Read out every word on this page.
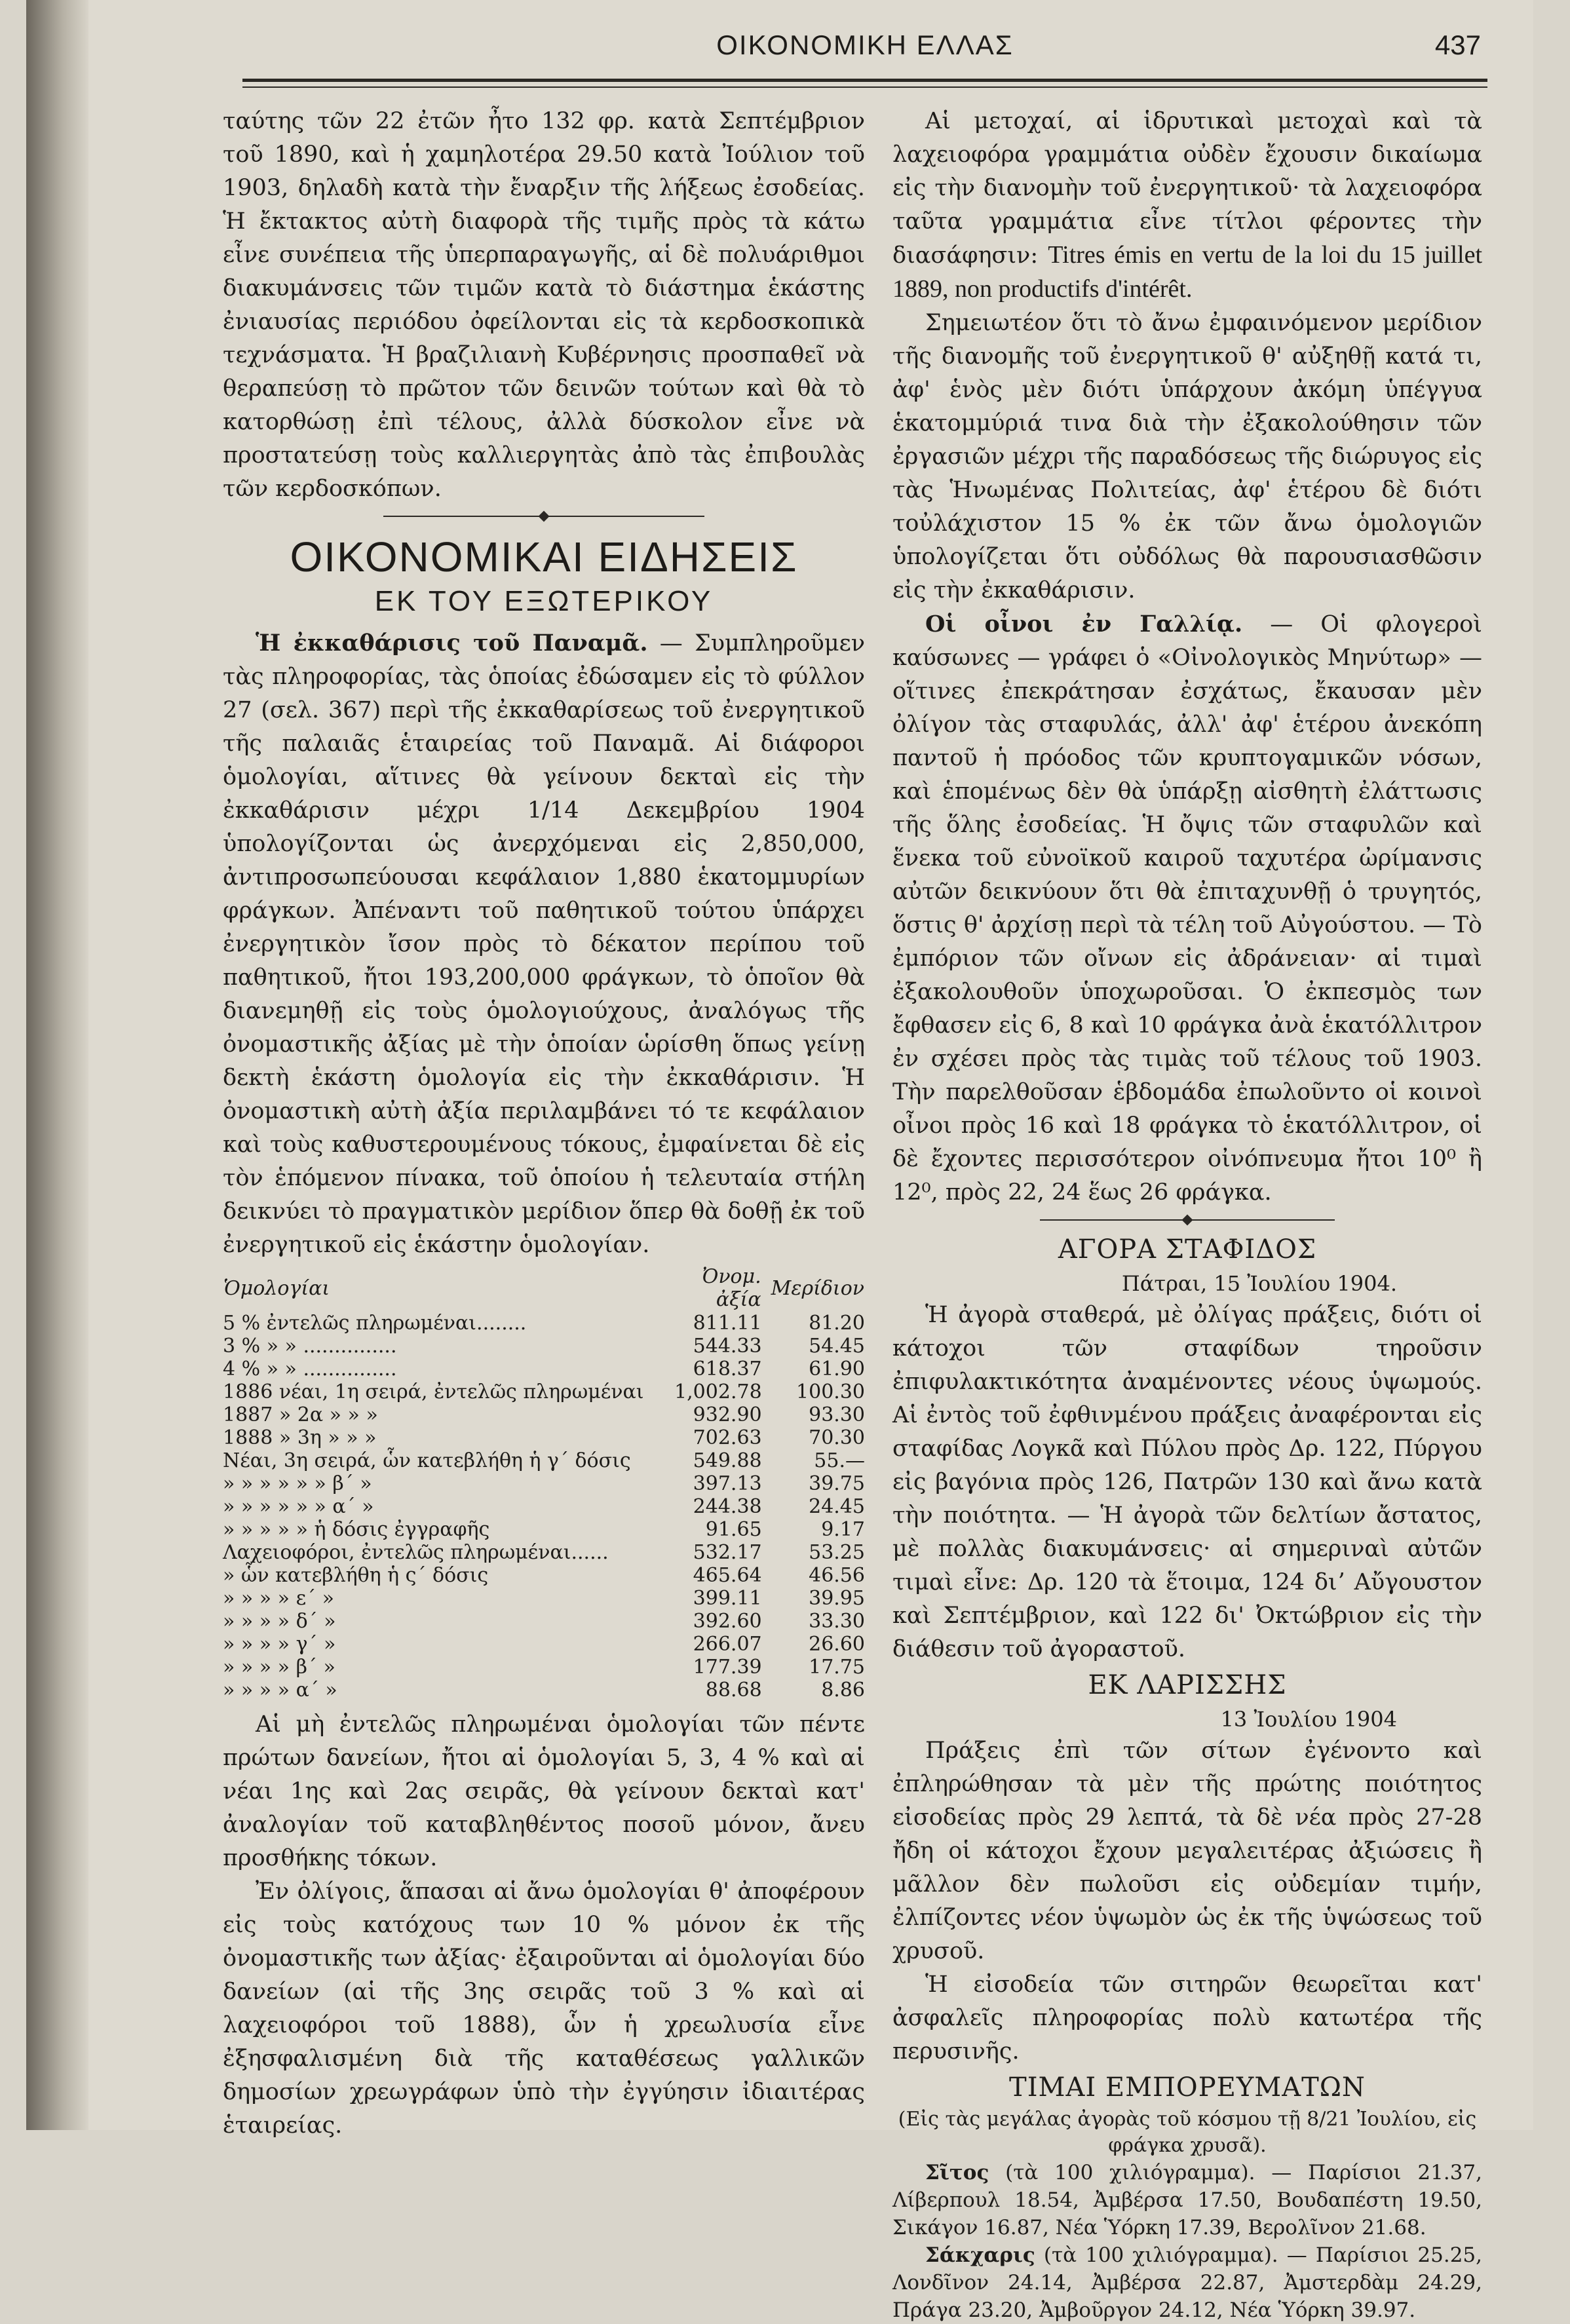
ΟΙΚΟΝΟΜΙΚΗ ΕΛΛΑΣ	437

ταύτης τῶν 22 ἐτῶν ἦτο 132 φρ. κατὰ Σεπτέμβριον τοῦ 1890, καὶ ἡ χαμηλοτέρα 29.50 κατὰ Ἰούλιον τοῦ 1903, δηλαδὴ κατὰ τὴν ἔναρξιν τῆς λήξεως ἐσοδείας. Ἡ ἔκτακτος αὐτὴ διαφορὰ τῆς τιμῆς πρὸς τὰ κάτω εἶνε συνέπεια τῆς ὑπερπαραγωγῆς, αἱ δὲ πολυάριθμοι διακυμάνσεις τῶν τιμῶν κατὰ τὸ διάστημα ἑκάστης ἐνιαυσίας περιόδου ὀφείλονται εἰς τὰ κερδοσκοπικὰ τεχνάσματα. Ἡ βραζιλιανὴ Κυβέρνησις προσπαθεῖ νὰ θεραπεύσῃ τὸ πρῶτον τῶν δεινῶν τούτων καὶ θὰ τὸ κατορθώσῃ ἐπὶ τέλους, ἀλλὰ δύσκολον εἶνε νὰ προστατεύσῃ τοὺς καλλιεργητὰς ἀπὸ τὰς ἐπιβουλὰς τῶν κερδοσκόπων.

ΟΙΚΟΝΟΜΙΚΑΙ ΕΙΔΗΣΕΙΣ
ΕΚ ΤΟΥ ΕΞΩΤΕΡΙΚΟΥ

Ἡ ἐκκαθάρισις τοῦ Παναμᾶ. — Συμπληροῦμεν τὰς πληροφορίας, τὰς ὁποίας ἐδώσαμεν εἰς τὸ φύλλον 27 (σελ. 367) περὶ τῆς ἐκκαθαρίσεως τοῦ ἐνεργητικοῦ τῆς παλαιᾶς ἑταιρείας τοῦ Παναμᾶ. Αἱ διάφοροι ὁμολογίαι, αἵτινες θὰ γείνουν δεκταὶ εἰς τὴν ἐκκαθάρισιν μέχρι 1/14 Δεκεμβρίου 1904 ὑπολογίζονται ὡς ἀνερχόμεναι εἰς 2,850,000, ἀντιπροσωπεύουσαι κεφάλαιον 1,880 ἑκατομμυρίων φράγκων. Ἀπέναντι τοῦ παθητικοῦ τούτου ὑπάρχει ἐνεργητικὸν ἴσον πρὸς τὸ δέκατον περίπου τοῦ παθητικοῦ, ἤτοι 193,200,000 φράγκων, τὸ ὁποῖον θὰ διανεμηθῇ εἰς τοὺς ὁμολογιούχους, ἀναλόγως τῆς ὀνομαστικῆς ἀξίας μὲ τὴν ὁποίαν ὡρίσθη ὅπως γείνῃ δεκτὴ ἑκάστη ὁμολογία εἰς τὴν ἐκκαθάρισιν. Ἡ ὀνομαστικὴ αὐτὴ ἀξία περιλαμβάνει τό τε κεφάλαιον καὶ τοὺς καθυστερουμένους τόκους, ἐμφαίνεται δὲ εἰς τὸν ἑπόμενον πίνακα, τοῦ ὁποίου ἡ τελευταία στήλη δεικνύει τὸ πραγματικὸν μερίδιον ὅπερ θὰ δοθῇ ἐκ τοῦ ἐνεργητικοῦ εἰς ἑκάστην ὁμολογίαν.

Ὁμολογίαι	Ὀνομ. ἀξία	Μερίδιον
5 % ἐντελῶς πληρωμέναι........	811.11	81.20
3 % » » ...............	544.33	54.45
4 % » » ...............	618.37	61.90
1886 νέαι, 1η σειρά, ἐντελῶς πληρωμέναι	1,002.78	100.30
1887 » 2α » » »	932.90	93.30
1888 » 3η » » »	702.63	70.30
Νέαι, 3η σειρά, ὧν κατεβλήθη ἡ γ΄ δόσις	549.88	55.—
» » » » » » β΄ »	397.13	39.75
» » » » » » α΄ »	244.38	24.45
» » » » » ἡ δόσις ἐγγραφῆς	91.65	9.17
Λαχειοφόροι, ἐντελῶς πληρωμέναι......	532.17	53.25
» ὧν κατεβλήθη ἡ ς΄ δόσις	465.64	46.56
» » » » ε΄ »	399.11	39.95
» » » » δ΄ »	392.60	33.30
» » » » γ΄ »	266.07	26.60
» » » » β΄ »	177.39	17.75
» » » » α΄ »	88.68	8.86

Αἱ μὴ ἐντελῶς πληρωμέναι ὁμολογίαι τῶν πέντε πρώτων δανείων, ἤτοι αἱ ὁμολογίαι 5, 3, 4 % καὶ αἱ νέαι 1ης καὶ 2ας σειρᾶς, θὰ γείνουν δεκταὶ κατ' ἀναλογίαν τοῦ καταβληθέντος ποσοῦ μόνον, ἄνευ προσθήκης τόκων.

Ἐν ὀλίγοις, ἅπασαι αἱ ἄνω ὁμολογίαι θ' ἀποφέρουν εἰς τοὺς κατόχους των 10 % μόνον ἐκ τῆς ὀνομαστικῆς των ἀξίας· ἐξαιροῦνται αἱ ὁμολογίαι δύο δανείων (αἱ τῆς 3ης σειρᾶς τοῦ 3 % καὶ αἱ λαχειοφόροι τοῦ 1888), ὧν ἡ χρεωλυσία εἶνε ἐξησφαλισμένη διὰ τῆς καταθέσεως γαλλικῶν δημοσίων χρεωγράφων ὑπὸ τὴν ἐγγύησιν ἰδιαιτέρας ἑταιρείας.

Αἱ μετοχαί, αἱ ἱδρυτικαὶ μετοχαὶ καὶ τὰ λαχειοφόρα γραμμάτια οὐδὲν ἔχουσιν δικαίωμα εἰς τὴν διανομὴν τοῦ ἐνεργητικοῦ· τὰ λαχειοφόρα ταῦτα γραμμάτια εἶνε τίτλοι φέροντες τὴν διασάφησιν: Titres émis en vertu de la loi du 15 juillet 1889, non productifs d'intérêt.

Σημειωτέον ὅτι τὸ ἄνω ἐμφαινόμενον μερίδιον τῆς διανομῆς τοῦ ἐνεργητικοῦ θ' αὐξηθῇ κατά τι, ἀφ' ἑνὸς μὲν διότι ὑπάρχουν ἀκόμη ὑπέγγυα ἑκατομμύριά τινα διὰ τὴν ἐξακολούθησιν τῶν ἐργασιῶν μέχρι τῆς παραδόσεως τῆς διώρυγος εἰς τὰς Ἡνωμένας Πολιτείας, ἀφ' ἑτέρου δὲ διότι τοὐλάχιστον 15 % ἐκ τῶν ἄνω ὁμολογιῶν ὑπολογίζεται ὅτι οὐδόλως θὰ παρουσιασθῶσιν εἰς τὴν ἐκκαθάρισιν.

Οἱ οἶνοι ἐν Γαλλίᾳ. — Οἱ φλογεροὶ καύσωνες — γράφει ὁ «Οἰνολογικὸς Μηνύτωρ» — οἵτινες ἐπεκράτησαν ἐσχάτως, ἔκαυσαν μὲν ὀλίγον τὰς σταφυλάς, ἀλλ' ἀφ' ἑτέρου ἀνεκόπη παντοῦ ἡ πρόοδος τῶν κρυπτογαμικῶν νόσων, καὶ ἑπομένως δὲν θὰ ὑπάρξῃ αἰσθητὴ ἐλάττωσις τῆς ὅλης ἐσοδείας. Ἡ ὄψις τῶν σταφυλῶν καὶ ἕνεκα τοῦ εὐνοϊκοῦ καιροῦ ταχυτέρα ὠρίμανσις αὐτῶν δεικνύουν ὅτι θὰ ἐπιταχυνθῇ ὁ τρυγητός, ὅστις θ' ἀρχίσῃ περὶ τὰ τέλη τοῦ Αὐγούστου. — Τὸ ἐμπόριον τῶν οἴνων εἰς ἀδράνειαν· αἱ τιμαὶ ἐξακολουθοῦν ὑποχωροῦσαι. Ὁ ἐκπεσμὸς των ἔφθασεν εἰς 6, 8 καὶ 10 φράγκα ἀνὰ ἑκατόλλιτρον ἐν σχέσει πρὸς τὰς τιμὰς τοῦ τέλους τοῦ 1903. Τὴν παρελθοῦσαν ἑβδομάδα ἐπωλοῦντο οἱ κοινοὶ οἶνοι πρὸς 16 καὶ 18 φράγκα τὸ ἑκατόλλιτρον, οἱ δὲ ἔχοντες περισσότερον οἰνόπνευμα ἤτοι 10⁰ ἢ 12⁰, πρὸς 22, 24 ἕως 26 φράγκα.

ΑΓΟΡΑ ΣΤΑΦΙΔΟΣ
Πάτραι, 15 Ἰουλίου 1904.

Ἡ ἀγορὰ σταθερά, μὲ ὀλίγας πράξεις, διότι οἱ κάτοχοι τῶν σταφίδων τηροῦσιν ἐπιφυλακτικότητα ἀναμένοντες νέους ὑψωμούς. Αἱ ἐντὸς τοῦ ἐφθινμένου πράξεις ἀναφέρονται εἰς σταφίδας Λογκᾶ καὶ Πύλου πρὸς Δρ. 122, Πύργου εἰς βαγόνια πρὸς 126, Πατρῶν 130 καὶ ἄνω κατὰ τὴν ποιότητα. — Ἡ ἀγορὰ τῶν δελτίων ἄστατος, μὲ πολλὰς διακυμάνσεις· αἱ σημεριναὶ αὐτῶν τιμαὶ εἶνε: Δρ. 120 τὰ ἕτοιμα, 124 διʼ Αὔγουστον καὶ Σεπτέμβριον, καὶ 122 δι' Ὀκτώβριον εἰς τὴν διάθεσιν τοῦ ἀγοραστοῦ.

ΕΚ ΛΑΡΙΣΣΗΣ
13 Ἰουλίου 1904

Πράξεις ἐπὶ τῶν σίτων ἐγένοντο καὶ ἐπληρώθησαν τὰ μὲν τῆς πρώτης ποιότητος εἰσοδείας πρὸς 29 λεπτά, τὰ δὲ νέα πρὸς 27-28 ἤδη οἱ κάτοχοι ἔχουν μεγαλειτέρας ἀξιώσεις ἢ μᾶλλον δὲν πωλοῦσι εἰς οὐδεμίαν τιμήν, ἐλπίζοντες νέον ὑψωμὸν ὡς ἐκ τῆς ὑψώσεως τοῦ χρυσοῦ.

Ἡ εἰσοδεία τῶν σιτηρῶν θεωρεῖται κατ' ἀσφαλεῖς πληροφορίας πολὺ κατωτέρα τῆς περυσινῆς.

ΤΙΜΑΙ ΕΜΠΟΡΕΥΜΑΤΩΝ
(Εἰς τὰς μεγάλας ἀγορὰς τοῦ κόσμου τῇ 8/21 Ἰουλίου, εἰς φράγκα χρυσᾶ).

Σῖτος (τὰ 100 χιλιόγραμμα). — Παρίσιοι 21.37, Λίβερπουλ 18.54, Ἀμβέρσα 17.50, Βουδαπέστη 19.50, Σικάγον 16.87, Νέα Ὑόρκη 17.39, Βερολῖνον 21.68.

Σάκχαρις (τὰ 100 χιλιόγραμμα). — Παρίσιοι 25.25, Λονδῖνον 24.14, Ἀμβέρσα 22.87, Ἀμστερδὰμ 24.29, Πράγα 23.20, Ἀμβοῦργον 24.12, Νέα Ὑόρκη 39.97.
